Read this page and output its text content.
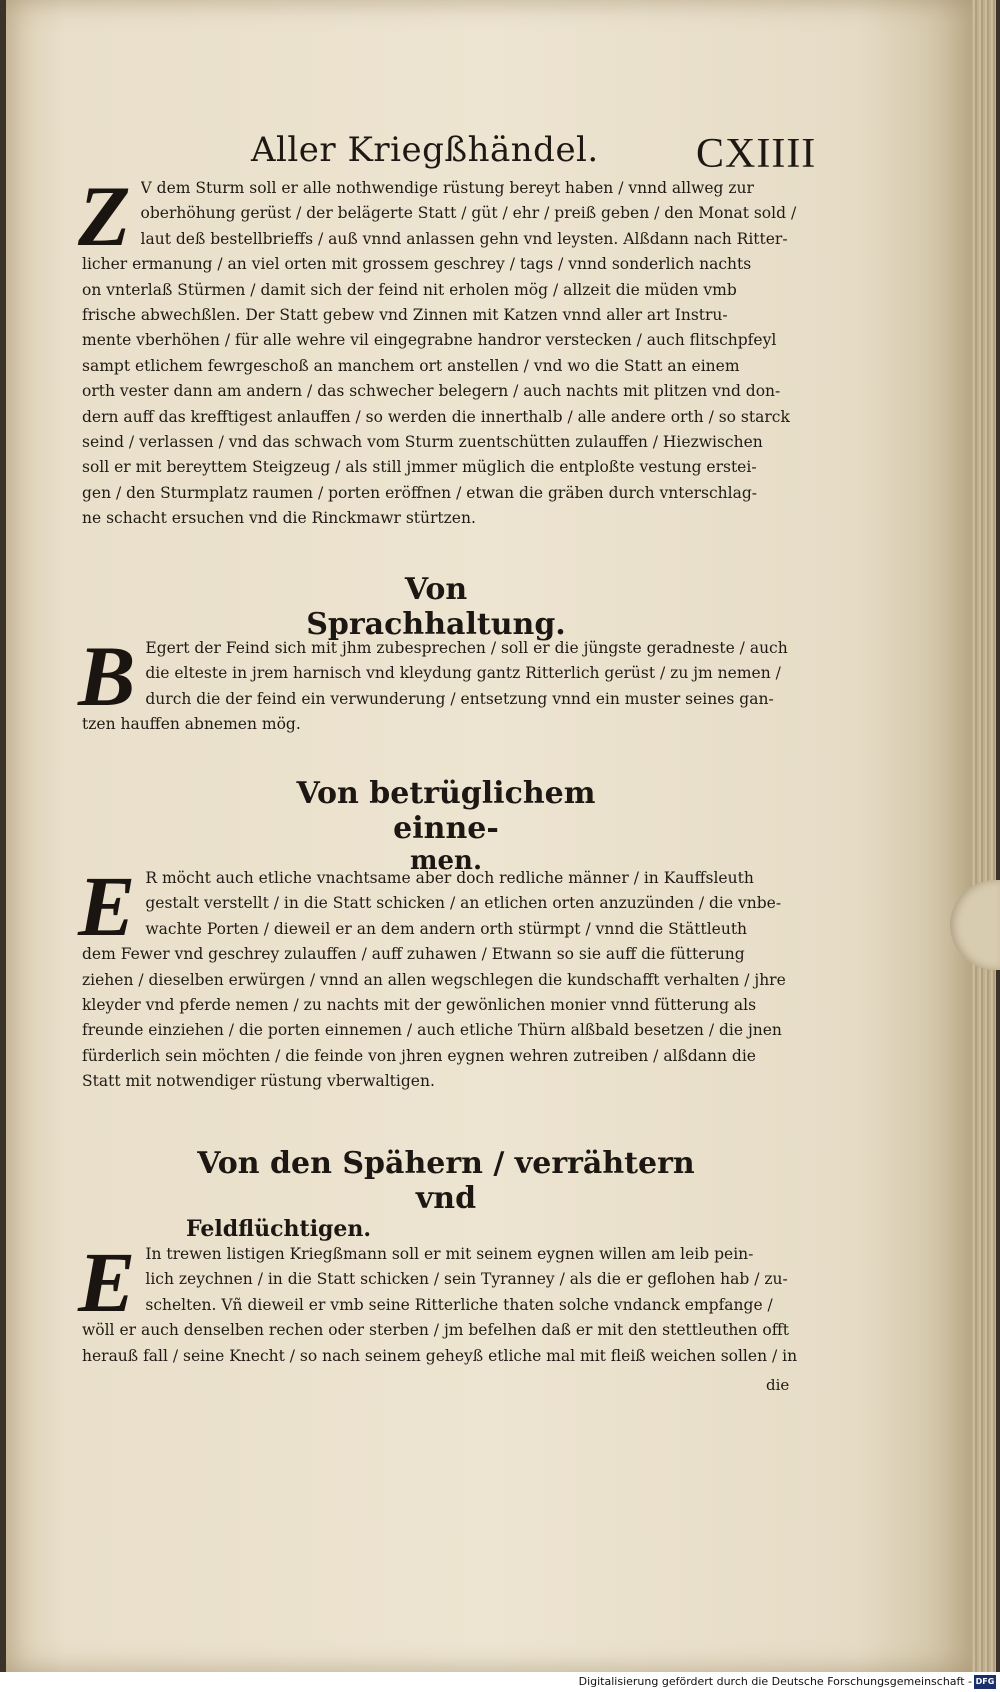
Aller Kriegßhändel.	CXIIII
Z V dem Sturm soll er alle nothwendige rüstung bereyt haben / vnnd allweg zur
oberhöhung gerüst / der belägerte Statt / güt / ehr / preiß geben / den Monat sold /
laut deß bestellbrieffs / auß vnnd anlassen gehn vnd leysten. Alßdann nach Ritter-
licher ermanung / an viel orten mit grossem geschrey / tags / vnnd sonderlich nachts
on vnterlaß Stürmen / damit sich der feind nit erholen mög / allzeit die müden vmb
frische abwechßlen. Der Statt gebew vnd Zinnen mit Katzen vnnd aller art Instru-
mente vberhöhen / für alle wehre vil eingegrabne handror verstecken / auch flitschpfeyl
sampt etlichem fewrgeschoß an manchem ort anstellen / vnd wo die Statt an einem
orth vester dann am andern / das schwecher belegern / auch nachts mit plitzen vnd don-
dern auff das krefftigest anlauffen / so werden die innerthalb / alle andere orth / so starck
seind / verlassen / vnd das schwach vom Sturm zuentschütten zulauffen / Hiezwischen
soll er mit bereyttem Steigzeug / als still jmmer müglich die entploßte vestung erstei-
gen / den Sturmplatz raumen / porten eröffnen / etwan die gräben durch vnterschlag-
ne schacht ersuchen vnd die Rinckmawr stürtzen.
Von Sprachhaltung.
B Egert der Feind sich mit jhm zubesprechen / soll er die jüngste geradneste / auch
die elteste in jrem harnisch vnd kleydung gantz Ritterlich gerüst / zu jm nemen /
durch die der feind ein verwunderung / entsetzung vnnd ein muster seines gan-
tzen hauffen abnemen mög.
Von betrüglichem einne-
men.
E R möcht auch etliche vnachtsame aber doch redliche männer / in Kauffsleuth
gestalt verstellt / in die Statt schicken / an etlichen orten anzuzünden / die vnbe-
wachte Porten / dieweil er an dem andern orth stürmpt / vnnd die Stättleuth
dem Fewer vnd geschrey zulauffen / auff zuhawen / Etwann so sie auff die fütterung
ziehen / dieselben erwürgen / vnnd an allen wegschlegen die kundschafft verhalten / jhre
kleyder vnd pferde nemen / zu nachts mit der gewönlichen monier vnnd fütterung als
freunde einziehen / die porten einnemen / auch etliche Thürn alßbald besetzen / die jnen
fürderlich sein möchten / die feinde von jhren eygnen wehren zutreiben / alßdann die
Statt mit notwendiger rüstung vberwaltigen.
Von den Spähern / verrähtern vnd
Feldflüchtigen.
E In trewen listigen Kriegßmann soll er mit seinem eygnen willen am leib pein-
lich zeychnen / in die Statt schicken / sein Tyranney / als die er geflohen hab / zu-
schelten. Vñ dieweil er vmb seine Ritterliche thaten solche vndanck empfange /
wöll er auch denselben rechen oder sterben / jm befelhen daß er mit den stettleuthen offt
herauß fall / seine Knecht / so nach seinem geheyß etliche mal mit fleiß weichen sollen / in
die
Digitalisierung gefördert durch die Deutsche Forschungsgemeinschaft - DFG
